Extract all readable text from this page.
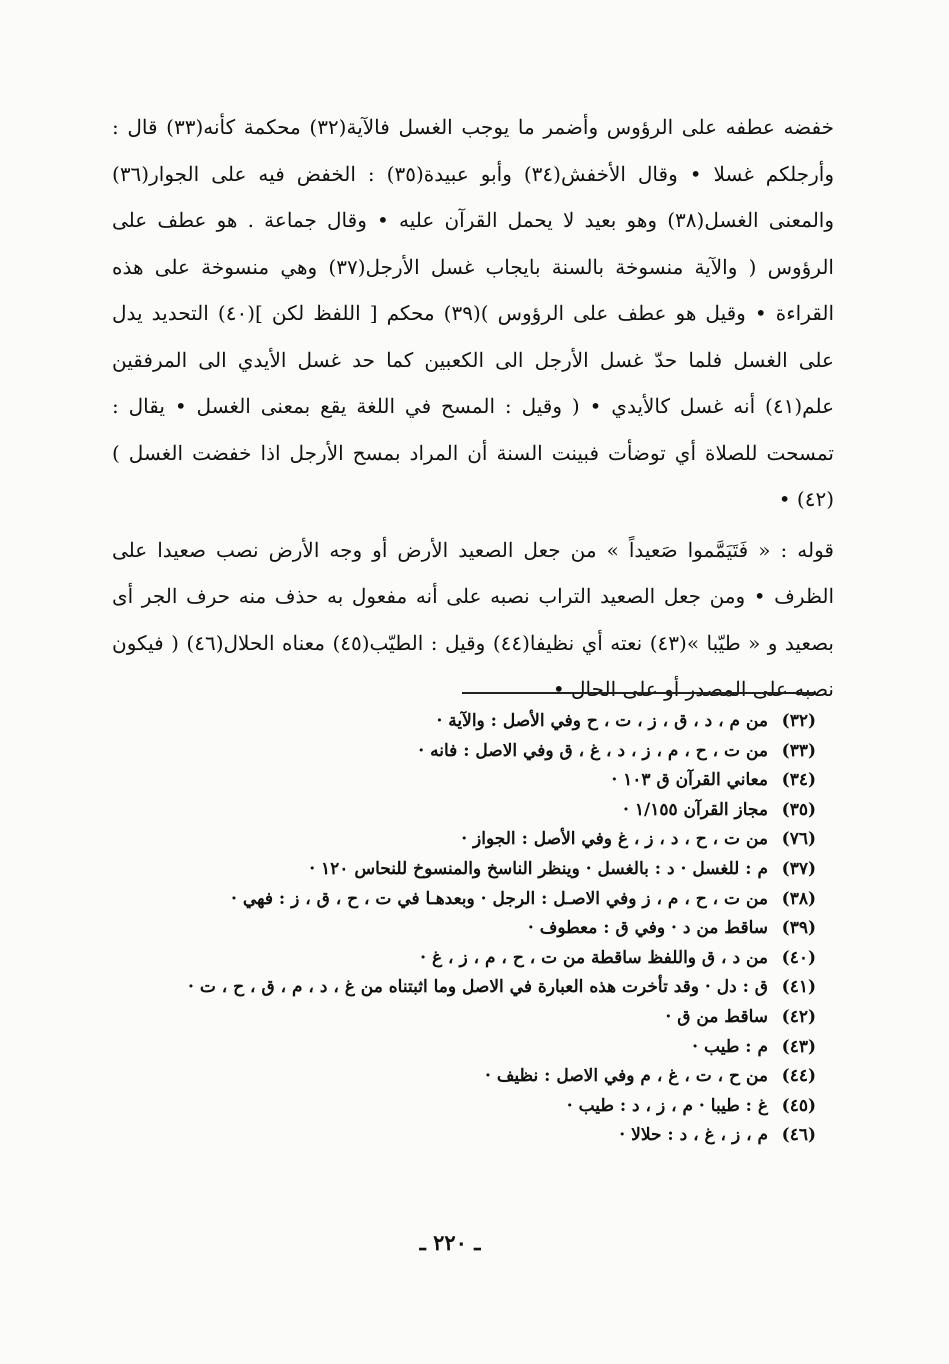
خفضه عطفه على الرؤوس وأضمر ما يوجب الغسل فالآية(٣٢) محكمة كأنه(٣٣) قال : وأرجلكم غسلا • وقال الأخفش(٣٤) وأبو عبيدة(٣٥) : الخفض فيه على الجوار(٣٦) والمعنى الغسل(٣٨) وهو بعيد لا يحمل القرآن عليه • وقال جماعة . هو عطف على الرؤوس ( والآية منسوخة بالسنة بايجاب غسل الأرجل(٣٧) وهي منسوخة على هذه القراءة • وقيل هو عطف على الرؤوس )(٣٩) محكم [ اللفظ لكن ](٤٠) التحديد يدل على الغسل فلما حدّ غسل الأرجل الى الكعبين كما حد غسل الأيدي الى المرفقين علم(٤١) أنه غسل كالأيدي • ( وقيل : المسح في اللغة يقع بمعنى الغسل • يقال : تمسحت للصلاة أي توضأت فبينت السنة أن المراد بمسح الأرجل اذا خفضت الغسل )(٤٢) •

قوله : « فَتَيَمَّموا صَعيداً » من جعل الصعيد الأرض أو وجه الأرض نصب صعيدا على الظرف • ومن جعل الصعيد التراب نصبه على أنه مفعول به حذف منه حرف الجر أى بصعيد و « طيّبا »(٤٣) نعته أي نظيفا(٤٤) وقيل : الطيّب(٤٥) معناه الحلال(٤٦) ( فيكون نصبه على المصدر أو على الحال •

(٣٢)
من م ، د ، ق ، ز ، ت ، ح وفي الأصل : والآية ·
(٣٣)
من ت ، ح ، م ، ز ، د ، غ ، ق وفي الاصل : فانه ·
(٣٤)
معاني القرآن ق ١٠٣ ·
(٣٥)
مجاز القرآن ١/١٥٥ ·
(٧٦)
من ت ، ح ، د ، ز ، غ وفي الأصل : الجواز ·
(٣٧)
م : للغسل · د : بالغسل · وينظر الناسخ والمنسوخ للنحاس ١٢٠ ·
(٣٨)
من ت ، ح ، م ، ز وفي الاصـل : الرجل · وبعدهـا في ت ، ح ، ق ، ز : فهي ·
(٣٩)
ساقط من د · وفي ق : معطوف ·
(٤٠)
من د ، ق واللفظ ساقطة من ت ، ح ، م ، ز ، غ ·
(٤١)
ق : دل · وقد تأخرت هذه العبارة في الاصل وما اثبتناه من غ ، د ، م ، ق ، ح ، ت ·
(٤٢)
ساقط من ق ·
(٤٣)
م : طيب ·
(٤٤)
من ح ، ت ، غ ، م وفي الاصل : نظيف ·
(٤٥)
غ : طيبا · م ، ز ، د : طيب ·
(٤٦)
م ، ز ، غ ، د : حلالا ·
ـ ٢٢٠ ـ
